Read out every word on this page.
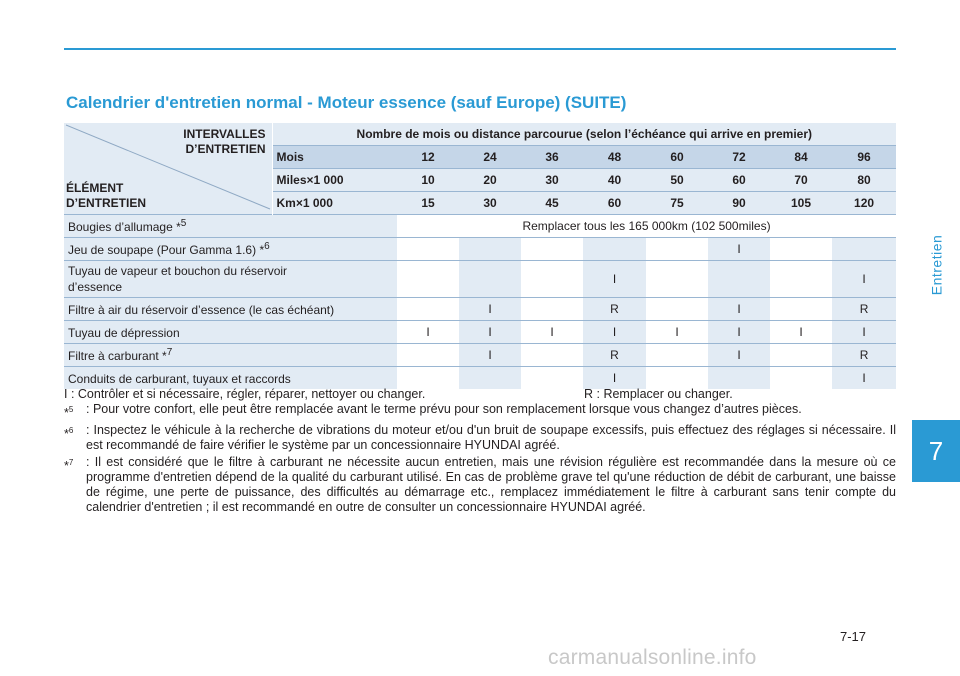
Calendrier d'entretien normal - Moteur essence (sauf Europe) (SUITE)
INTERVALLES
D’ENTRETIEN
ÉLÉMENT
D’ENTRETIEN	Nombre de mois ou distance parcourue (selon l’échéance qui arrive en premier)								
	Mois	12	24	36	48	60	72	84	96
	Miles×1 000	10	20	30	40	50	60	70	80
	Km×1 000	15	30	45	60	75	90	105	120
Bougies d’allumage *$^5$		Remplacer tous les 165 000km (102 500miles)							
Jeu de soupape (Pour Gamma 1.6) *$^6$							I		
Tuyau de vapeur et bouchon du réservoir d’essence					I				I
Filtre à air du réservoir d’essence (le cas échéant)			I		R		I		R
Tuyau de dépression		I	I	I	I	I	I	I	I
Filtre à carburant *$^7$			I		R		I		R
Conduits de carburant, tuyaux et raccords					I				I
I : Contrôler et si nécessaire, régler, réparer, nettoyer ou changer.	R : Remplacer ou changer.
*$^5$	: Pour votre confort, elle peut être remplacée avant le terme prévu pour son remplacement lorsque vous changez d’autres pièces.
*$^6$	: Inspectez le véhicule à la recherche de vibrations du moteur et/ou d'un bruit de soupape excessifs, puis effectuez des réglages si nécessaire. Il est recommandé de faire vérifier le système par un concessionnaire HYUNDAI agréé.
*$^7$	: Il est considéré que le filtre à carburant ne nécessite aucun entretien, mais une révision régulière est recommandée dans la mesure où ce programme d'entretien dépend de la qualité du carburant utilisé. En cas de problème grave tel qu'une réduction de débit de carburant, une baisse de régime, une perte de puissance, des difficultés au démarrage etc., remplacez immédiatement le filtre à carburant sans tenir compte du calendrier d'entretien ; il est recommandé en outre de consulter un concessionnaire HYUNDAI agréé.
Entretien
7
7-17
carmanualsonline.info
